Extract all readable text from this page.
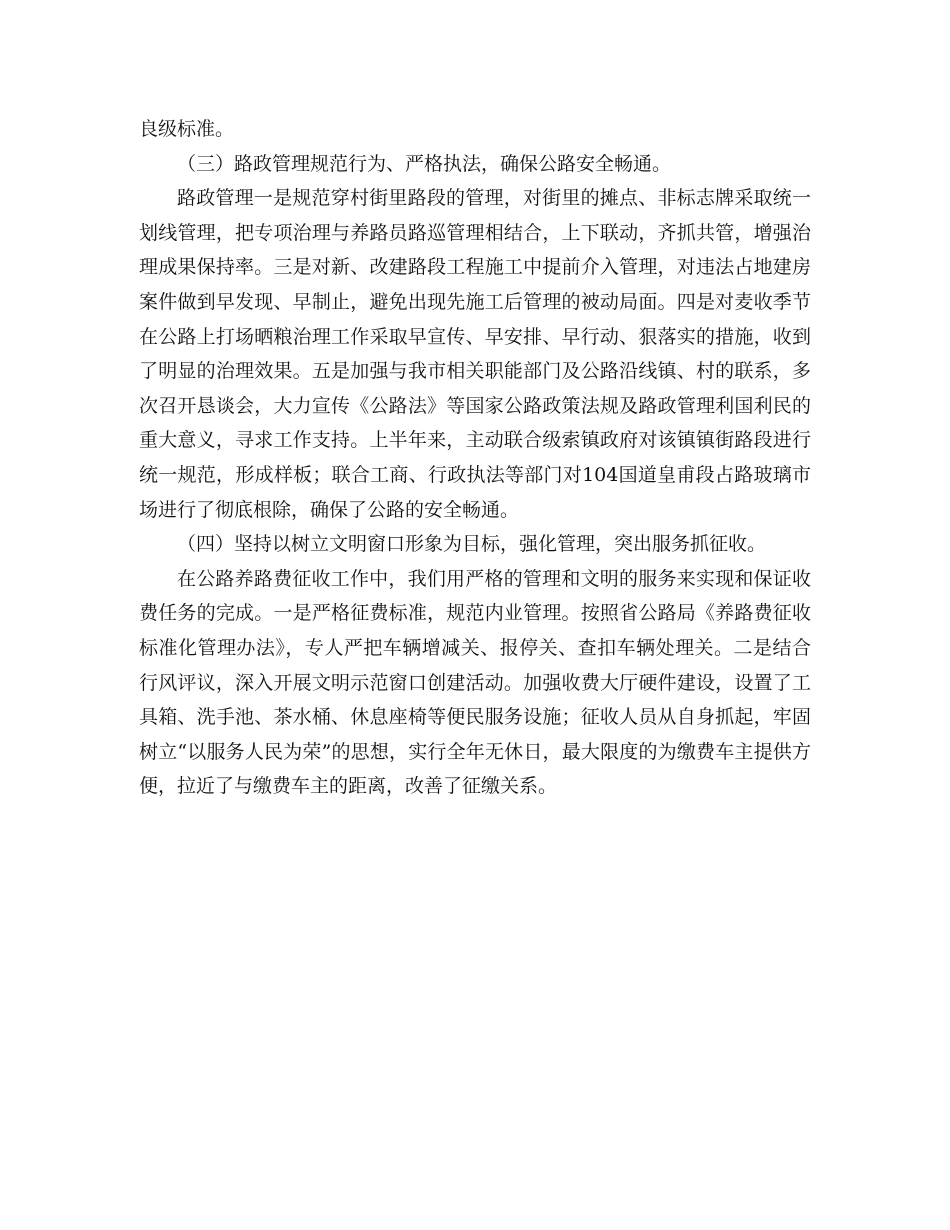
良级标准。

（三）路政管理规范行为、严格执法，确保公路安全畅通。

路政管理一是规范穿村街里路段的管理，对街里的摊点、非标志牌采取统一划线管理，把专项治理与养路员路巡管理相结合，上下联动，齐抓共管，增强治理成果保持率。三是对新、改建路段工程施工中提前介入管理，对违法占地建房案件做到早发现、早制止，避免出现先施工后管理的被动局面。四是对麦收季节在公路上打场晒粮治理工作采取早宣传、早安排、早行动、狠落实的措施，收到了明显的治理效果。五是加强与我市相关职能部门及公路沿线镇、村的联系，多次召开恳谈会，大力宣传《公路法》等国家公路政策法规及路政管理利国利民的重大意义，寻求工作支持。上半年来，主动联合级索镇政府对该镇镇街路段进行统一规范，形成样板；联合工商、行政执法等部门对104国道皇甫段占路玻璃市场进行了彻底根除，确保了公路的安全畅通。

（四）坚持以树立文明窗口形象为目标，强化管理，突出服务抓征收。

在公路养路费征收工作中，我们用严格的管理和文明的服务来实现和保证收费任务的完成。一是严格征费标准，规范内业管理。按照省公路局《养路费征收标准化管理办法》，专人严把车辆增减关、报停关、查扣车辆处理关。二是结合行风评议，深入开展文明示范窗口创建活动。加强收费大厅硬件建设，设置了工具箱、洗手池、茶水桶、休息座椅等便民服务设施；征收人员从自身抓起，牢固树立“以服务人民为荣”的思想，实行全年无休日，最大限度的为缴费车主提供方便，拉近了与缴费车主的距离，改善了征缴关系。
